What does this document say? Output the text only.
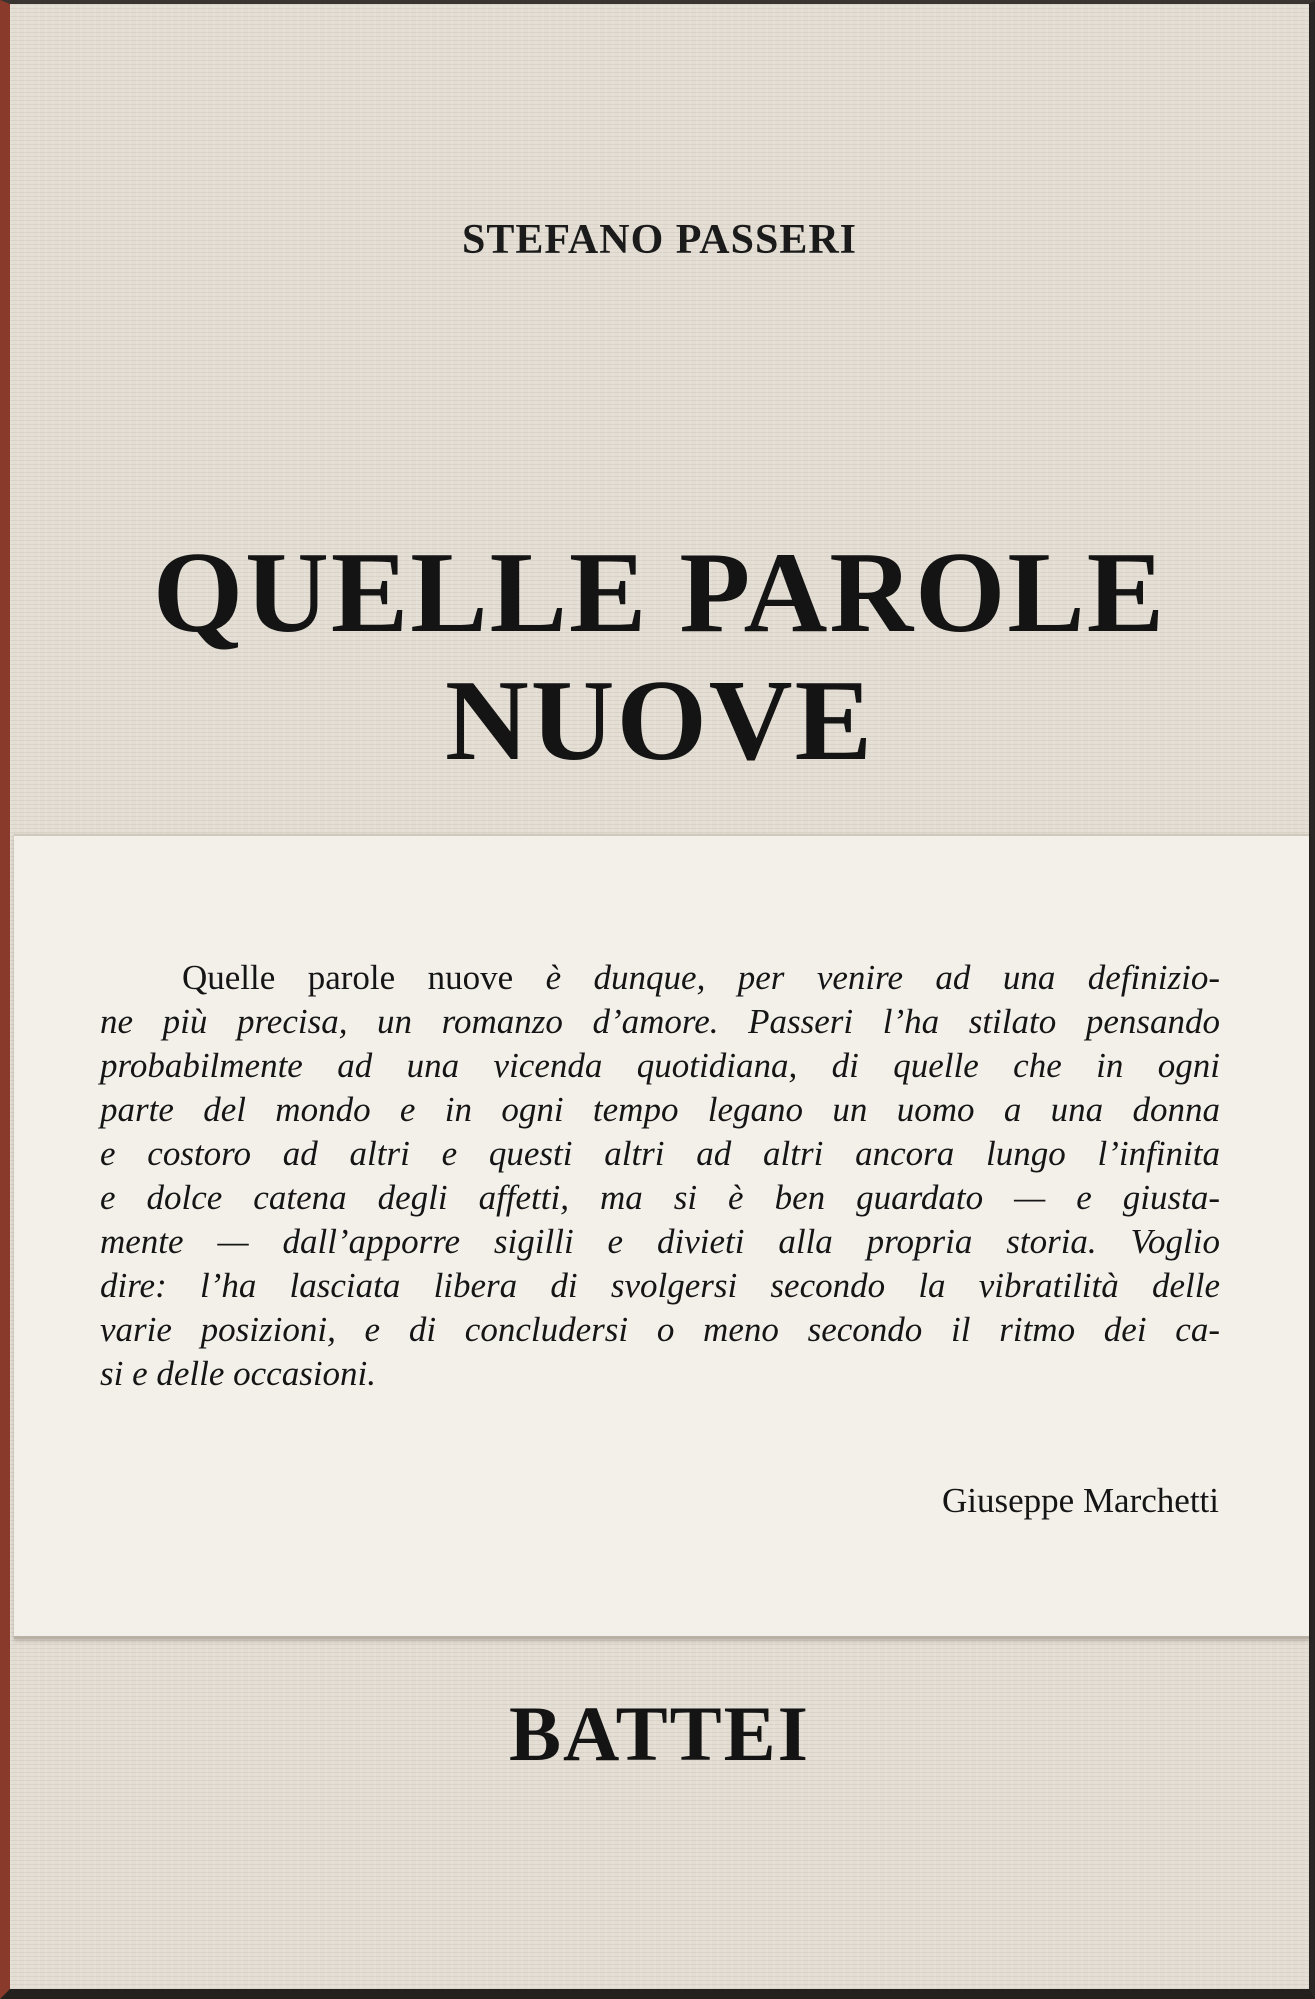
STEFANO PASSERI
QUELLE PAROLE
NUOVE
Quelle parole nuove è dunque, per venire ad una definizio-
ne più precisa, un romanzo d’amore. Passeri l’ha stilato pensando
probabilmente ad una vicenda quotidiana, di quelle che in ogni
parte del mondo e in ogni tempo legano un uomo a una donna
e costoro ad altri e questi altri ad altri ancora lungo l’infinita
e dolce catena degli affetti, ma si è ben guardato — e giusta-
mente — dall’apporre sigilli e divieti alla propria storia. Voglio
dire: l’ha lasciata libera di svolgersi secondo la vibratilità delle
varie posizioni, e di concludersi o meno secondo il ritmo dei ca-
si e delle occasioni.
Giuseppe Marchetti
BATTEI
